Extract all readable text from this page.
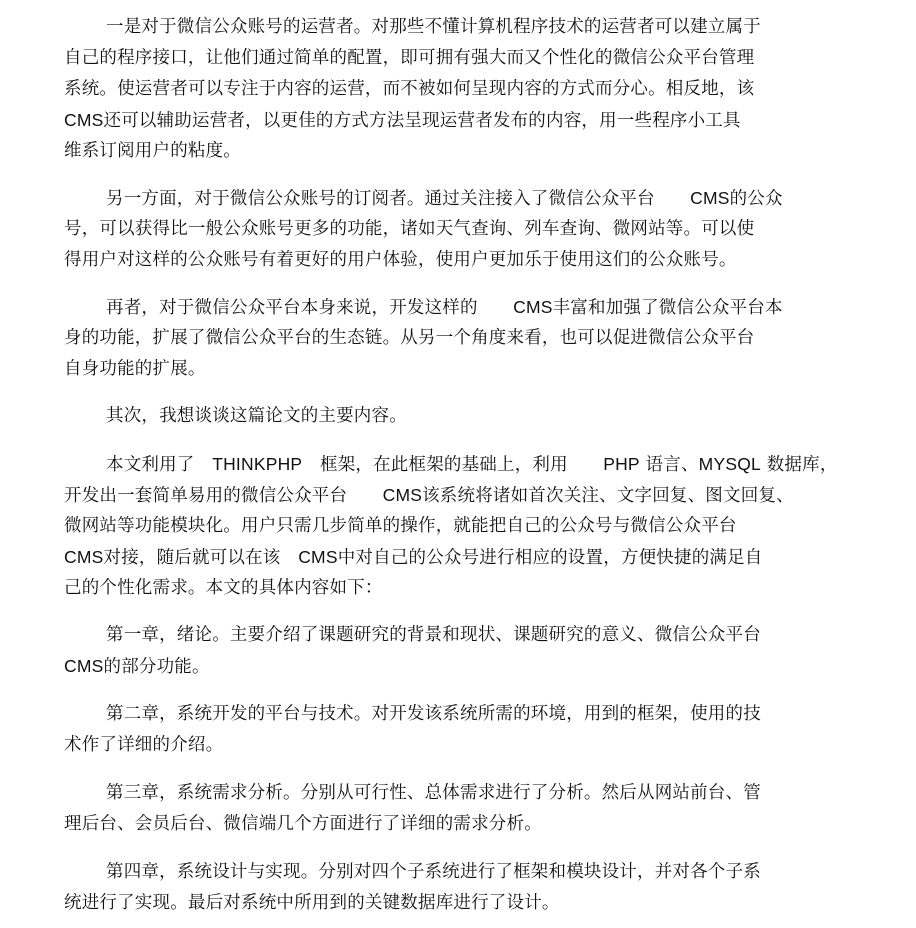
一是对于微信公众账号的运营者。对那些不懂计算机程序技术的运营者可以建立属于
自己的程序接口，让他们通过简单的配置，即可拥有强大而又个性化的微信公众平台管理
系统。使运营者可以专注于内容的运营，而不被如何呈现内容的方式而分心。相反地，该
CMS还可以辅助运营者，以更佳的方式方法呈现运营者发布的内容，用一些程序小工具
维系订阅用户的粘度。
另一方面，对于微信公众账号的订阅者。通过关注接入了微信公众平台　　CMS的公众
号，可以获得比一般公众账号更多的功能，诸如天气查询、列车查询、微网站等。可以使
得用户对这样的公众账号有着更好的用户体验，使用户更加乐于使用这们的公众账号。
再者，对于微信公众平台本身来说，开发这样的　　CMS丰富和加强了微信公众平台本
身的功能，扩展了微信公众平台的生态链。从另一个角度来看，也可以促进微信公众平台
自身功能的扩展。
其次，我想谈谈这篇论文的主要内容。
本文利用了　THINKPHP　框架，在此框架的基础上，利用　　PHP 语言、MYSQL 数据库，
开发出一套简单易用的微信公众平台　　CMS该系统将诸如首次关注、文字回复、图文回复、
微网站等功能模块化。用户只需几步简单的操作，就能把自己的公众号与微信公众平台
CMS对接，随后就可以在该　CMS中对自己的公众号进行相应的设置，方便快捷的满足自
己的个性化需求。本文的具体内容如下：
第一章，绪论。主要介绍了课题研究的背景和现状、课题研究的意义、微信公众平台
CMS的部分功能。
第二章，系统开发的平台与技术。对开发该系统所需的环境，用到的框架，使用的技
术作了详细的介绍。
第三章，系统需求分析。分别从可行性、总体需求进行了分析。然后从网站前台、管
理后台、会员后台、微信端几个方面进行了详细的需求分析。
第四章，系统设计与实现。分别对四个子系统进行了框架和模块设计，并对各个子系
统进行了实现。最后对系统中所用到的关键数据库进行了设计。
